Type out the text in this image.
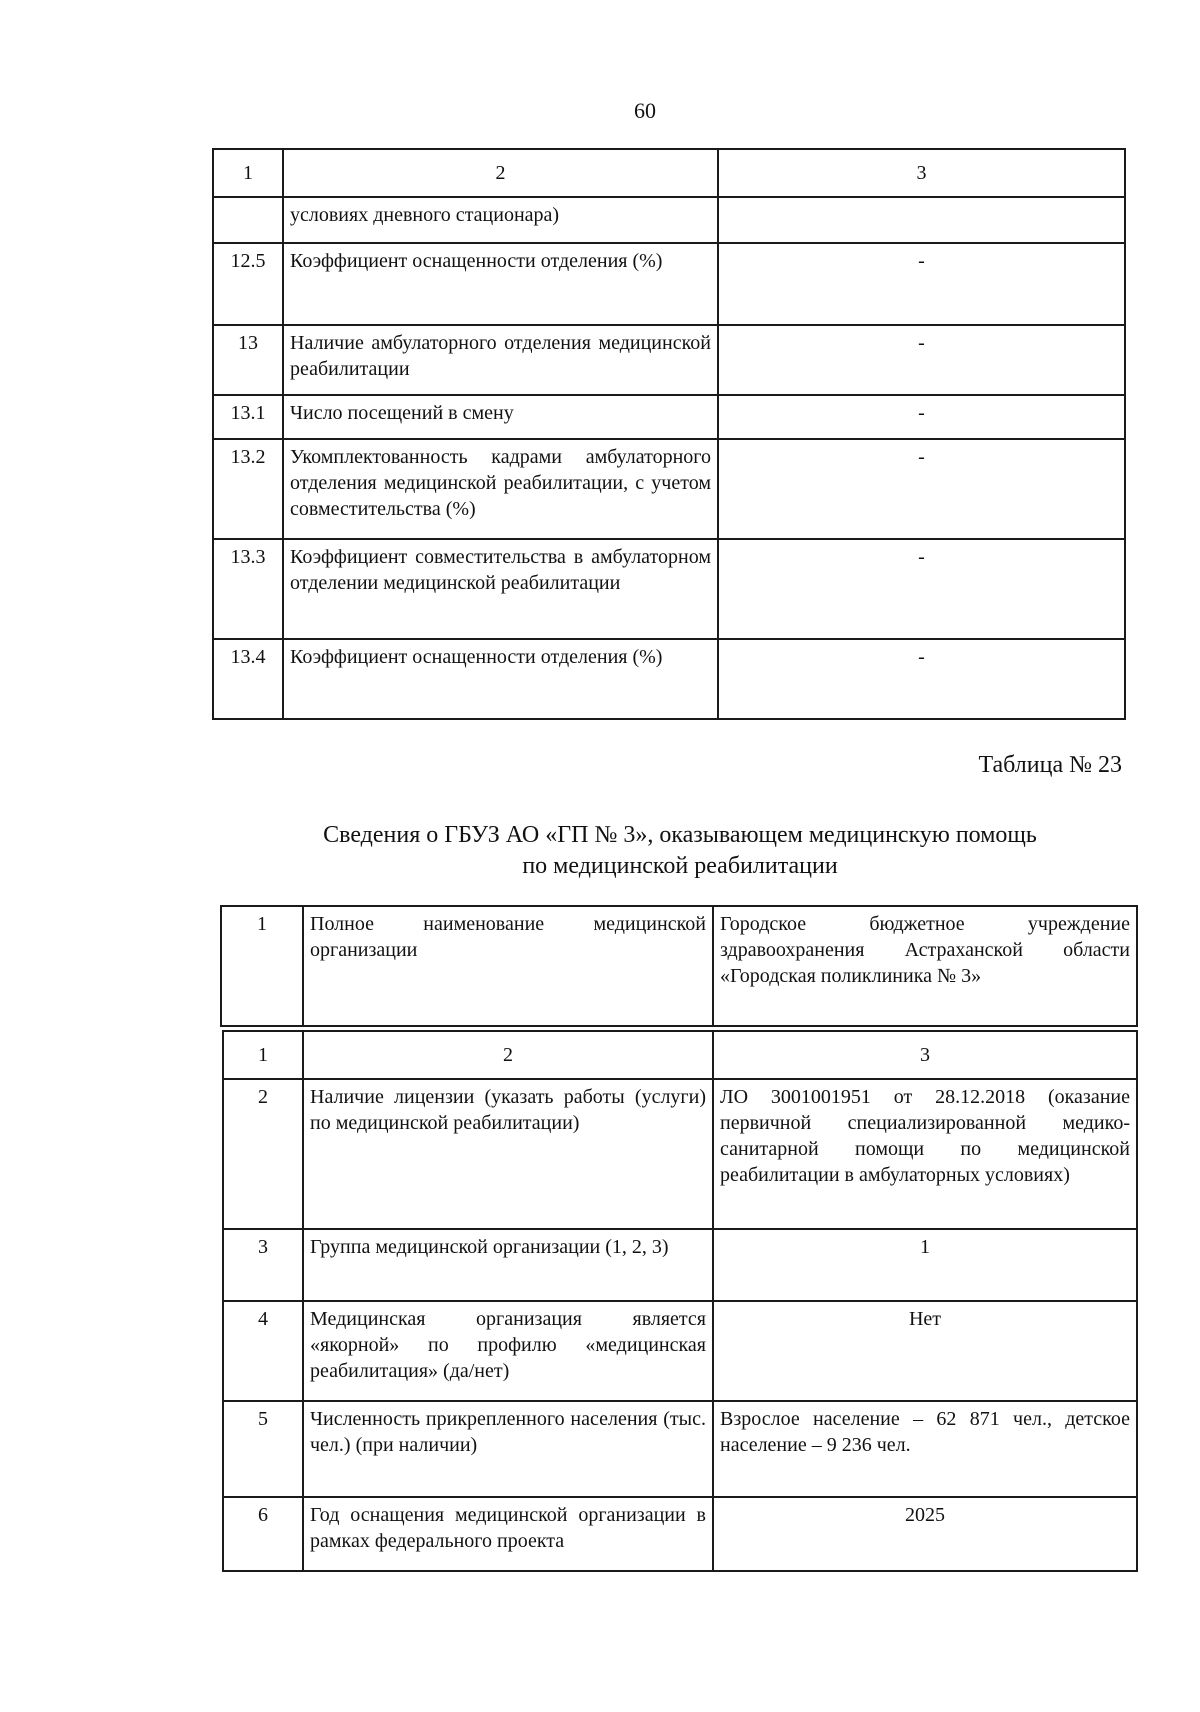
60
1	2	3
	условиях дневного стационара)	
12.5	Коэффициент оснащенности отделения (%)	-
13	Наличие амбулаторного отделения медицинской реабилитации	-
13.1	Число посещений в смену	-
13.2	Укомплектованность кадрами амбулаторного отделения медицинской реабилитации, с учетом совместительства (%)	-
13.3	Коэффициент совместительства в амбулаторном отделении медицинской реабилитации	-
13.4	Коэффициент оснащенности отделения (%)	-
Таблица № 23
Сведения о ГБУЗ АО «ГП № 3», оказывающем медицинскую помощь
по медицинской реабилитации
1	Полное наименование медицинской организации	Городское бюджетное учреждение здравоохранения Астраханской области «Городская поликлиника № 3»
1	2	3
2	Наличие лицензии (указать работы (услуги) по медицинской реабилитации)	ЛО 3001001951 от 28.12.2018 (оказание первичной специализированной медико-санитарной помощи по медицинской реабилитации в амбулаторных условиях)
3	Группа медицинской организации (1, 2, 3)	1
4	Медицинская организация является «якорной» по профилю «медицинская реабилитация» (да/нет)	Нет
5	Численность прикрепленного населения (тыс. чел.) (при наличии)	Взрослое население – 62 871 чел., детское население – 9 236 чел.
6	Год оснащения медицинской организации в рамках федерального проекта	2025
